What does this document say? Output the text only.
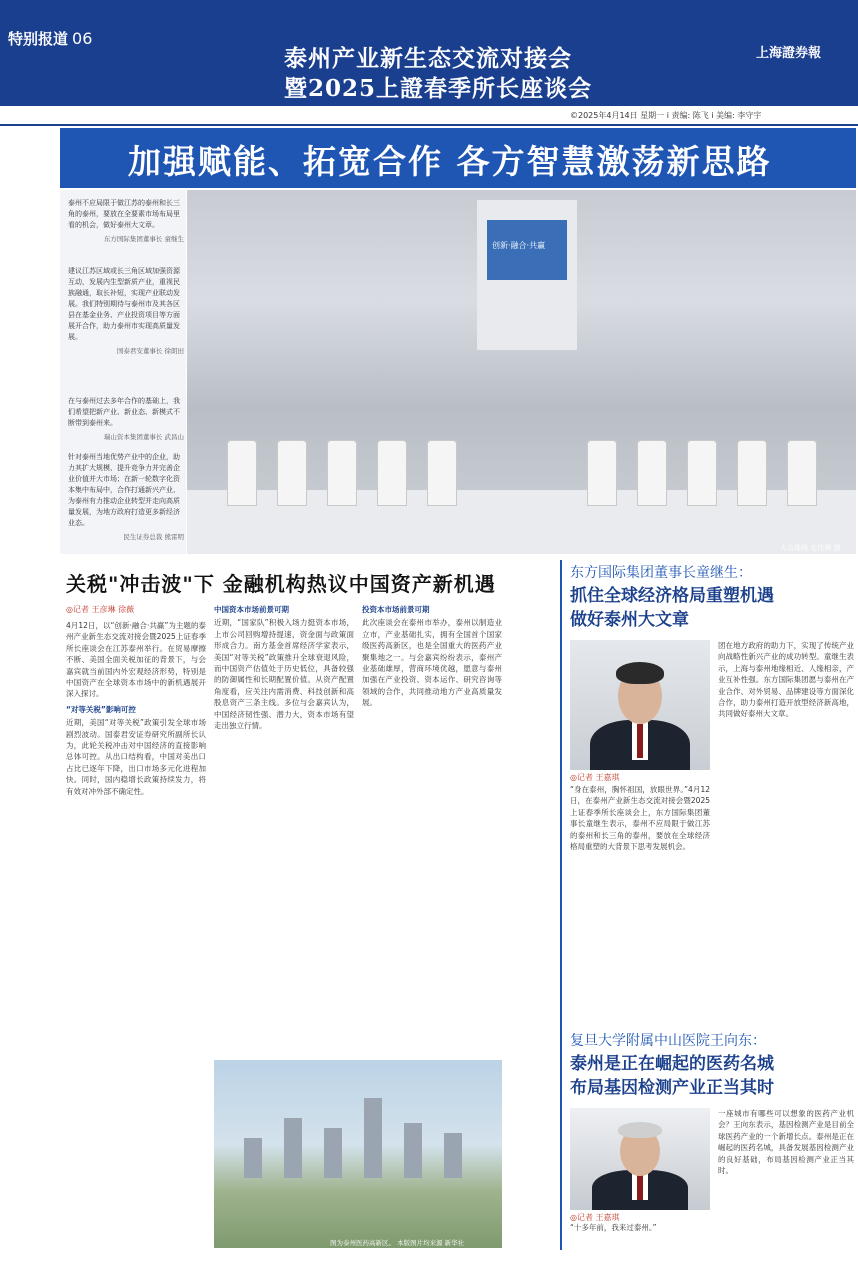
特别报道 06
泰州产业新生态交流对接会
暨2025上證春季所长座谈会
上海證券報
©2025年4月14日 星期一 i 责编: 陈飞 i 美编: 李守宇
加强赋能、拓宽合作 各方智慧激荡新思路
泰州不应局限于做江苏的泰州和长三角的泰州，要放在全要素市场布局里看的机会，做好泰州大文章。
东方国际集团董事长 童继生
建议江苏区域或长三角区域加强资源互动，发展内生型新质产业，重视民族融通，取长补短，实现产业联动发展。我们特别期待与泰州市及其各区县在基金业务、产业投资项目等方面展开合作，助力泰州市实现高质量发展。
国泰君安董事长 徐朗田
在与泰州过去多年合作的基础上，我们希望把新产业、新业态、新模式不断带到泰州来。
瑞山资本集团董事长 武昌山
针对泰州当地优势产业中的企业，助力其扩大规模、提升竞争力并完善企业价值并大市场；在新一轮数字化资本集中布局中，合作打通新兴产业、为泰州有力推动企业转型并走向高质量发展，为地方政府打造更多新经济业态。
民生证券总裁 熊雷明
创新·融合·共赢
大会现场 史佳祺 摄
关税"冲击波"下 金融机构热议中国资产新机遇
◎记者 王彦琳 徐薇
4月12日，以“创新·融合·共赢”为主题的泰州产业新生态交流对接会暨2025上证春季所长座谈会在江苏泰州举行。在贸易摩擦不断、美国全面关税加征的背景下，与会嘉宾就当前国内外宏观经济形势，特别是中国资产在全球资本市场中的新机遇展开深入探讨。
“对等关税”影响可控
近期，美国“对等关税”政策引发全球市场剧烈波动。国泰君安证券研究所副所长认为，此轮关税冲击对中国经济的直接影响总体可控。从出口结构看，中国对美出口占比已逐年下降，出口市场多元化进程加快。同时，国内稳增长政策持续发力，将有效对冲外部不确定性。
中国资本市场前景可期
近期，“国家队”积极入场力挺资本市场，上市公司回购增持提速，资金面与政策面形成合力。南方基金首席经济学家表示，美国“对等关税”政策推升全球衰退风险，而中国资产估值处于历史低位，具备较强的防御属性和长期配置价值。从资产配置角度看，应关注内需消费、科技创新和高股息资产三条主线。多位与会嘉宾认为，中国经济韧性强、潜力大，资本市场有望走出独立行情。
投资本市场前景可期
此次座谈会在泰州市举办，泰州以制造业立市，产业基础扎实，拥有全国首个国家级医药高新区，也是全国重大的医药产业聚集地之一。与会嘉宾纷纷表示，泰州产业基础雄厚，营商环境优越，愿意与泰州加强在产业投资、资本运作、研究咨询等领域的合作，共同推动地方产业高质量发展。
图为泰州医药高新区。 本版图片均来源 新华社
东方国际集团董事长童继生：
抓住全球经济格局重塑机遇
做好泰州大文章
◎记者 王嘉琪
“身在泰州，胸怀祖国，放眼世界。”4月12日，在泰州产业新生态交流对接会暨2025上证春季所长座谈会上，东方国际集团董事长童继生表示，泰州不应局限于做江苏的泰州和长三角的泰州，要放在全球经济格局重塑的大背景下思考发展机会。
团在地方政府的助力下，实现了传统产业向战略性新兴产业的成功转型。童继生表示，上海与泰州地缘相近、人缘相亲，产业互补性强。东方国际集团愿与泰州在产业合作、对外贸易、品牌建设等方面深化合作，助力泰州打造开放型经济新高地，共同做好泰州大文章。
复旦大学附属中山医院王向东：
泰州是正在崛起的医药名城
布局基因检测产业正当其时
◎记者 王嘉琪
“十多年前，我来过泰州。”
一座城市有哪些可以想象的医药产业机会？王向东表示，基因检测产业是目前全球医药产业的一个新增长点。泰州是正在崛起的医药名城，具备发展基因检测产业的良好基础，布局基因检测产业正当其时。
